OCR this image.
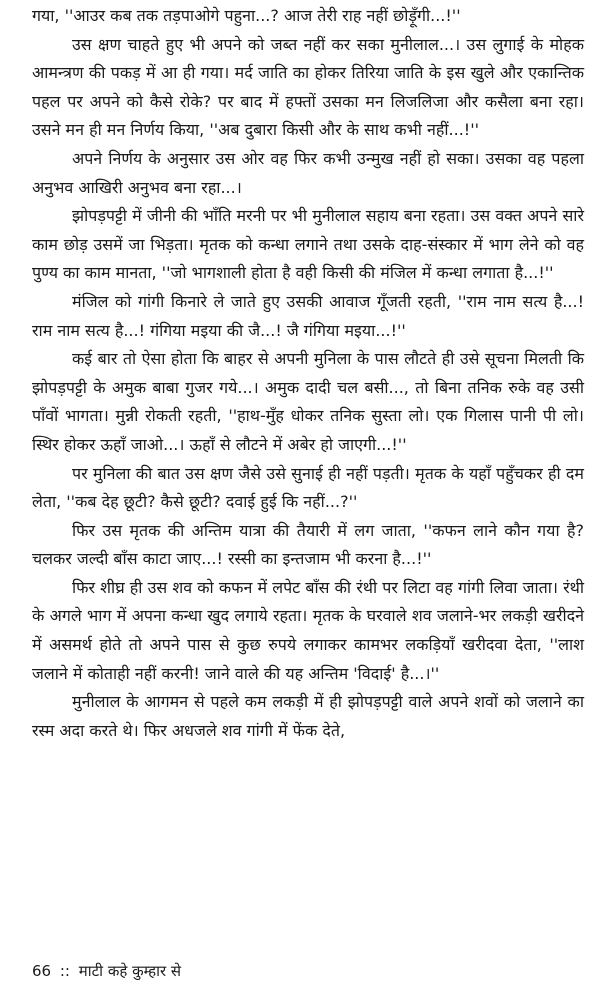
गया, ''आउर कब तक तड़पाओगे पहुना...? आज तेरी राह नहीं छोड़ूँगी...!''

उस क्षण चाहते हुए भी अपने को जब्त नहीं कर सका मुनीलाल...। उस लुगाई के मोहक आमन्त्रण की पकड़ में आ ही गया। मर्द जाति का होकर तिरिया जाति के इस खुले और एकान्तिक पहल पर अपने को कैसे रोके? पर बाद में हफ्तों उसका मन लिजलिजा और कसैला बना रहा। उसने मन ही मन निर्णय किया, ''अब दुबारा किसी और के साथ कभी नहीं...!''

अपने निर्णय के अनुसार उस ओर वह फिर कभी उन्मुख नहीं हो सका। उसका वह पहला अनुभव आखिरी अनुभव बना रहा...।

झोपड़पट्टी में जीनी की भाँति मरनी पर भी मुनीलाल सहाय बना रहता। उस वक्त अपने सारे काम छोड़ उसमें जा भिड़ता। मृतक को कन्धा लगाने तथा उसके दाह-संस्कार में भाग लेने को वह पुण्य का काम मानता, ''जो भागशाली होता है वही किसी की मंजिल में कन्धा लगाता है...!''

मंजिल को गांगी किनारे ले जाते हुए उसकी आवाज गूँजती रहती, ''राम नाम सत्य है...! राम नाम सत्य है...! गंगिया मइया की जै...! जै गंगिया मइया...!''

कई बार तो ऐसा होता कि बाहर से अपनी मुनिला के पास लौटते ही उसे सूचना मिलती कि झोपड़पट्टी के अमुक बाबा गुजर गये...। अमुक दादी चल बसी..., तो बिना तनिक रुके वह उसी पाँवों भागता। मुन्नी रोकती रहती, ''हाथ-मुँह धोकर तनिक सुस्ता लो। एक गिलास पानी पी लो। स्थिर होकर ऊहाँ जाओ...। ऊहाँ से लौटने में अबेर हो जाएगी...!''

पर मुनिला की बात उस क्षण जैसे उसे सुनाई ही नहीं पड़ती। मृतक के यहाँ पहुँचकर ही दम लेता, ''कब देह छूटी? कैसे छूटी? दवाई हुई कि नहीं...?''

फिर उस मृतक की अन्तिम यात्रा की तैयारी में लग जाता, ''कफन लाने कौन गया है? चलकर जल्दी बाँस काटा जाए...! रस्सी का इन्तजाम भी करना है...!''

फिर शीघ्र ही उस शव को कफन में लपेट बाँस की रंथी पर लिटा वह गांगी लिवा जाता। रंथी के अगले भाग में अपना कन्धा खुद लगाये रहता। मृतक के घरवाले शव जलाने-भर लकड़ी खरीदने में असमर्थ होते तो अपने पास से कुछ रुपये लगाकर कामभर लकड़ियाँ खरीदवा देता, ''लाश जलाने में कोताही नहीं करनी! जाने वाले की यह अन्तिम 'विदाई' है...।''

मुनीलाल के आगमन से पहले कम लकड़ी में ही झोपड़पट्टी वाले अपने शवों को जलाने का रस्म अदा करते थे। फिर अधजले शव गांगी में फेंक देते,

66 :: माटी कहे कुम्हार से
